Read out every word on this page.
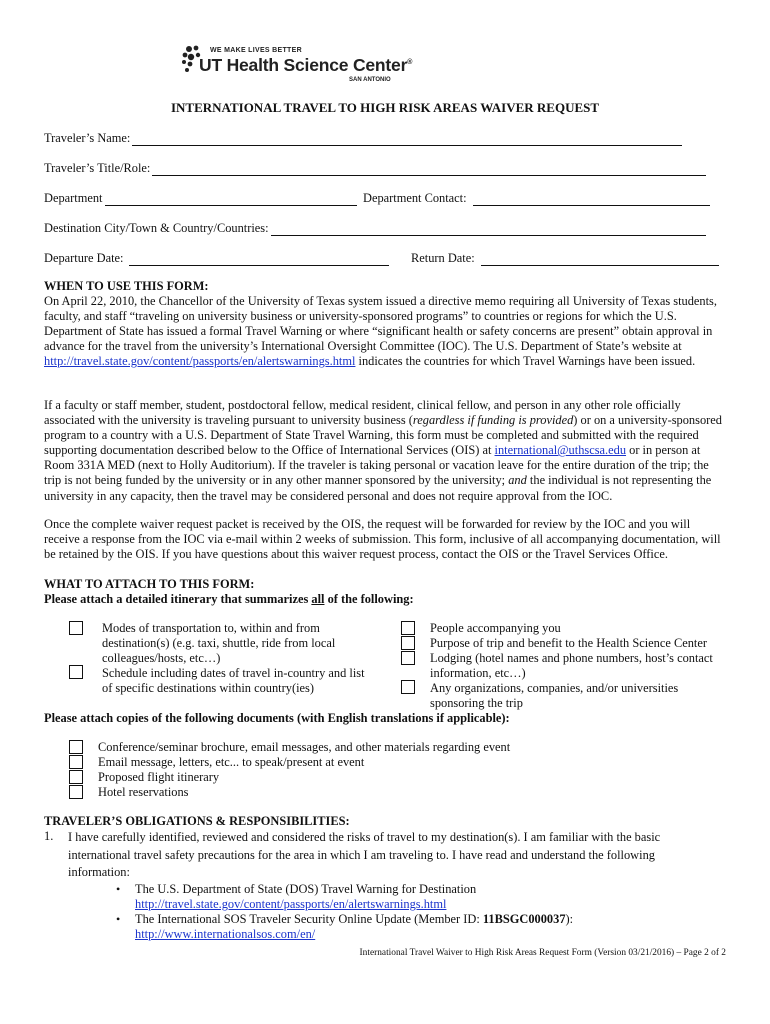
WE MAKE LIVES BETTER
UT Health Science Center®
SAN ANTONIO
INTERNATIONAL TRAVEL TO HIGH RISK AREAS WAIVER REQUEST
Traveler’s Name:
Traveler’s Title/Role:
Department	Department Contact:
Destination City/Town & Country/Countries:
Departure Date:	Return Date:
WHEN TO USE THIS FORM:
On April 22, 2010, the Chancellor of the University of Texas system issued a directive memo requiring all University of Texas students, faculty, and staff “traveling on university business or university-sponsored programs” to countries or regions for which the U.S. Department of State has issued a formal Travel Warning or where “significant health or safety concerns are present” obtain approval in advance for the travel from the university’s International Oversight Committee (IOC). The U.S. Department of State’s website at http://travel.state.gov/content/passports/en/alertswarnings.html indicates the countries for which Travel Warnings have been issued.
If a faculty or staff member, student, postdoctoral fellow, medical resident, clinical fellow, and person in any other role officially associated with the university is traveling pursuant to university business (regardless if funding is provided) or on a university-sponsored program to a country with a U.S. Department of State Travel Warning, this form must be completed and submitted with the required supporting documentation described below to the Office of International Services (OIS) at international@uthscsa.edu or in person at Room 331A MED (next to Holly Auditorium). If the traveler is taking personal or vacation leave for the entire duration of the trip; the trip is not being funded by the university or in any other manner sponsored by the university; and the individual is not representing the university in any capacity, then the travel may be considered personal and does not require approval from the IOC.
Once the complete waiver request packet is received by the OIS, the request will be forwarded for review by the IOC and you will receive a response from the IOC via e-mail within 2 weeks of submission. This form, inclusive of all accompanying documentation, will be retained by the OIS. If you have questions about this waiver request process, contact the OIS or the Travel Services Office.
WHAT TO ATTACH TO THIS FORM:
Please attach a detailed itinerary that summarizes all of the following:
Modes of transportation to, within and from
destination(s) (e.g. taxi, shuttle, ride from local
colleagues/hosts, etc…)
Schedule including dates of travel in-country and list
of specific destinations within country(ies)
People accompanying you
Purpose of trip and benefit to the Health Science Center
Lodging (hotel names and phone numbers, host’s contact
information, etc…)
Any organizations, companies, and/or universities
sponsoring the trip
Please attach copies of the following documents (with English translations if applicable):
Conference/seminar brochure, email messages, and other materials regarding event
Email message, letters, etc... to speak/present at event
Proposed flight itinerary
Hotel reservations
TRAVELER’S OBLIGATIONS & RESPONSIBILITIES:
1. I have carefully identified, reviewed and considered the risks of travel to my destination(s). I am familiar with the basic
international travel safety precautions for the area in which I am traveling to. I have read and understand the following
information:
• The U.S. Department of State (DOS) Travel Warning for Destination
http://travel.state.gov/content/passports/en/alertswarnings.html
• The International SOS Traveler Security Online Update (Member ID: 11BSGC000037):
http://www.internationalsos.com/en/
International Travel Waiver to High Risk Areas Request Form (Version 03/21/2016) – Page 2 of 2
